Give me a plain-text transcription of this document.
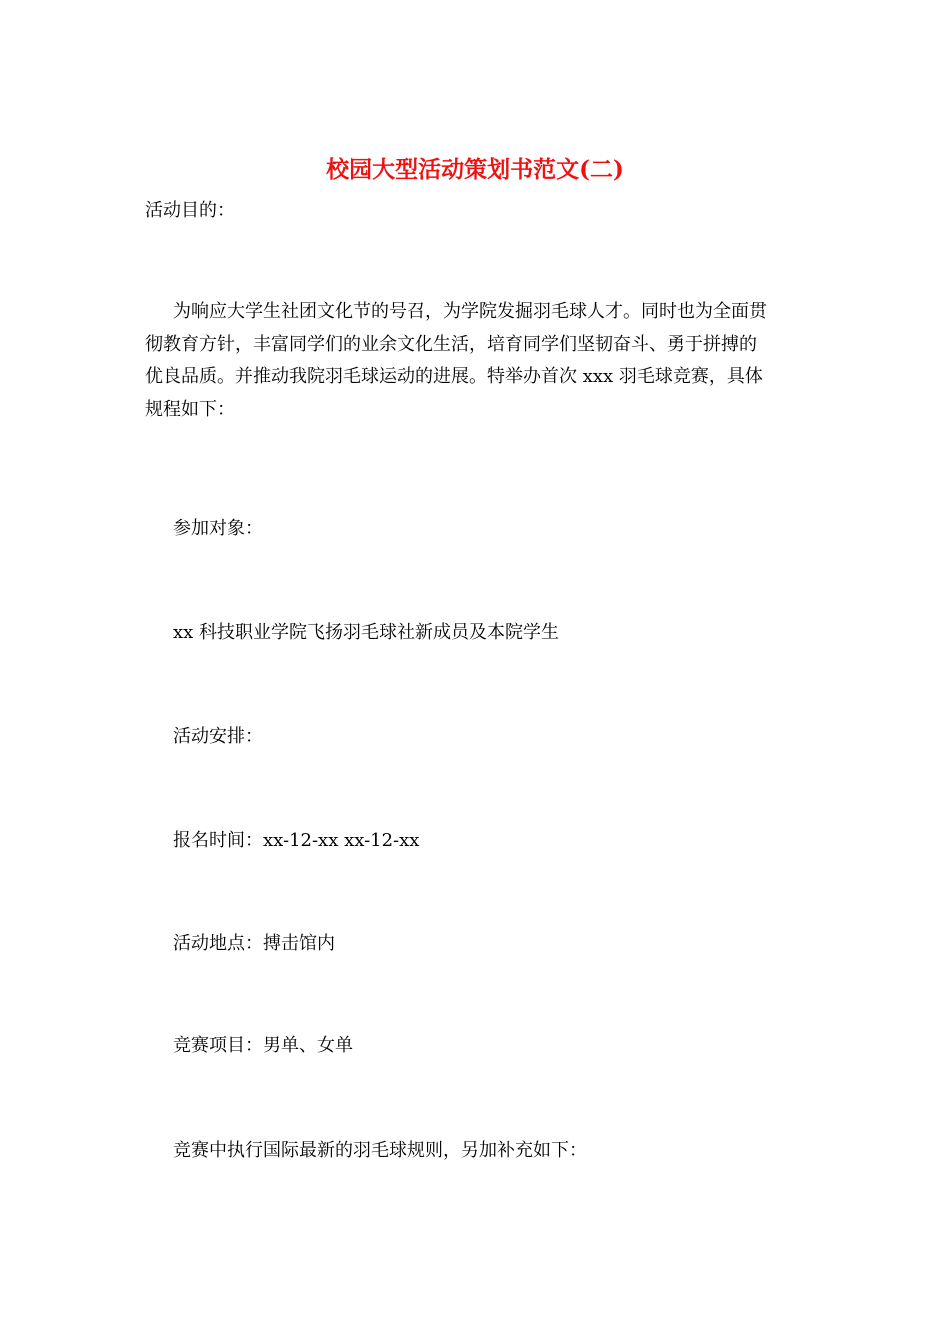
校园大型活动策划书范文(二)

活动目的：

为响应大学生社团文化节的号召，为学院发掘羽毛球人才。同时也为全面贯
彻教育方针，丰富同学们的业余文化生活，培育同学们坚韧奋斗、勇于拼搏的
优良品质。并推动我院羽毛球运动的进展。特举办首次 xxx 羽毛球竞赛，具体
规程如下：

参加对象：

xx 科技职业学院飞扬羽毛球社新成员及本院学生

活动安排：

报名时间：xx-12-xx xx-12-xx

活动地点：搏击馆内

竞赛项目：男单、女单

竞赛中执行国际最新的羽毛球规则，另加补充如下：
